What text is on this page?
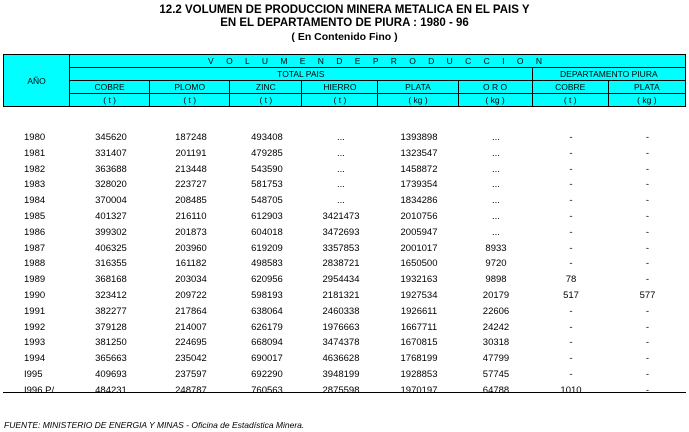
12.2 VOLUMEN DE PRODUCCION MINERA METALICA EN EL PAIS Y
EN EL DEPARTAMENTO DE PIURA : 1980 - 96
( En Contenido Fino )
AÑO	V O L U M E N D E P R O D U C C I O N							
	TOTAL PAIS						DEPARTAMENTO PIURA	
	COBRE	PLOMO	ZINC	HIERRO	PLATA	O R O	COBRE	PLATA
	( t )	( t )	( t )	( t )	( kg )	( kg )	( t )	( kg )
1980	345620	187248	493408	...	1393898	...	-	-
1981	331407	201191	479285	...	1323547	...	-	-
1982	363688	213448	543590	...	1458872	...	-	-
1983	328020	223727	581753	...	1739354	...	-	-
1984	370004	208485	548705	...	1834286	...	-	-
1985	401327	216110	612903	3421473	2010756	...	-	-
1986	399302	201873	604018	3472693	2005947	...	-	-
1987	406325	203960	619209	3357853	2001017	8933	-	-
1988	316355	161182	498583	2838721	1650500	9720	-	-
1989	368168	203034	620956	2954434	1932163	9898	78	-
1990	323412	209722	598193	2181321	1927534	20179	517	577
1991	382277	217864	638064	2460338	1926611	22606	-	-
1992	379128	214007	626179	1976663	1667711	24242	-	-
1993	381250	224695	668094	3474378	1670815	30318	-	-
1994	365663	235042	690017	4636628	1768199	47799	-	-
I995	409693	237597	692290	3948199	1928853	57745	-	-
I996 P/	484231	248787	760563	2875598	1970197	64788	1010	-
FUENTE: MINISTERIO DE ENERGIA Y MINAS - Oficina de Estadística Minera.
